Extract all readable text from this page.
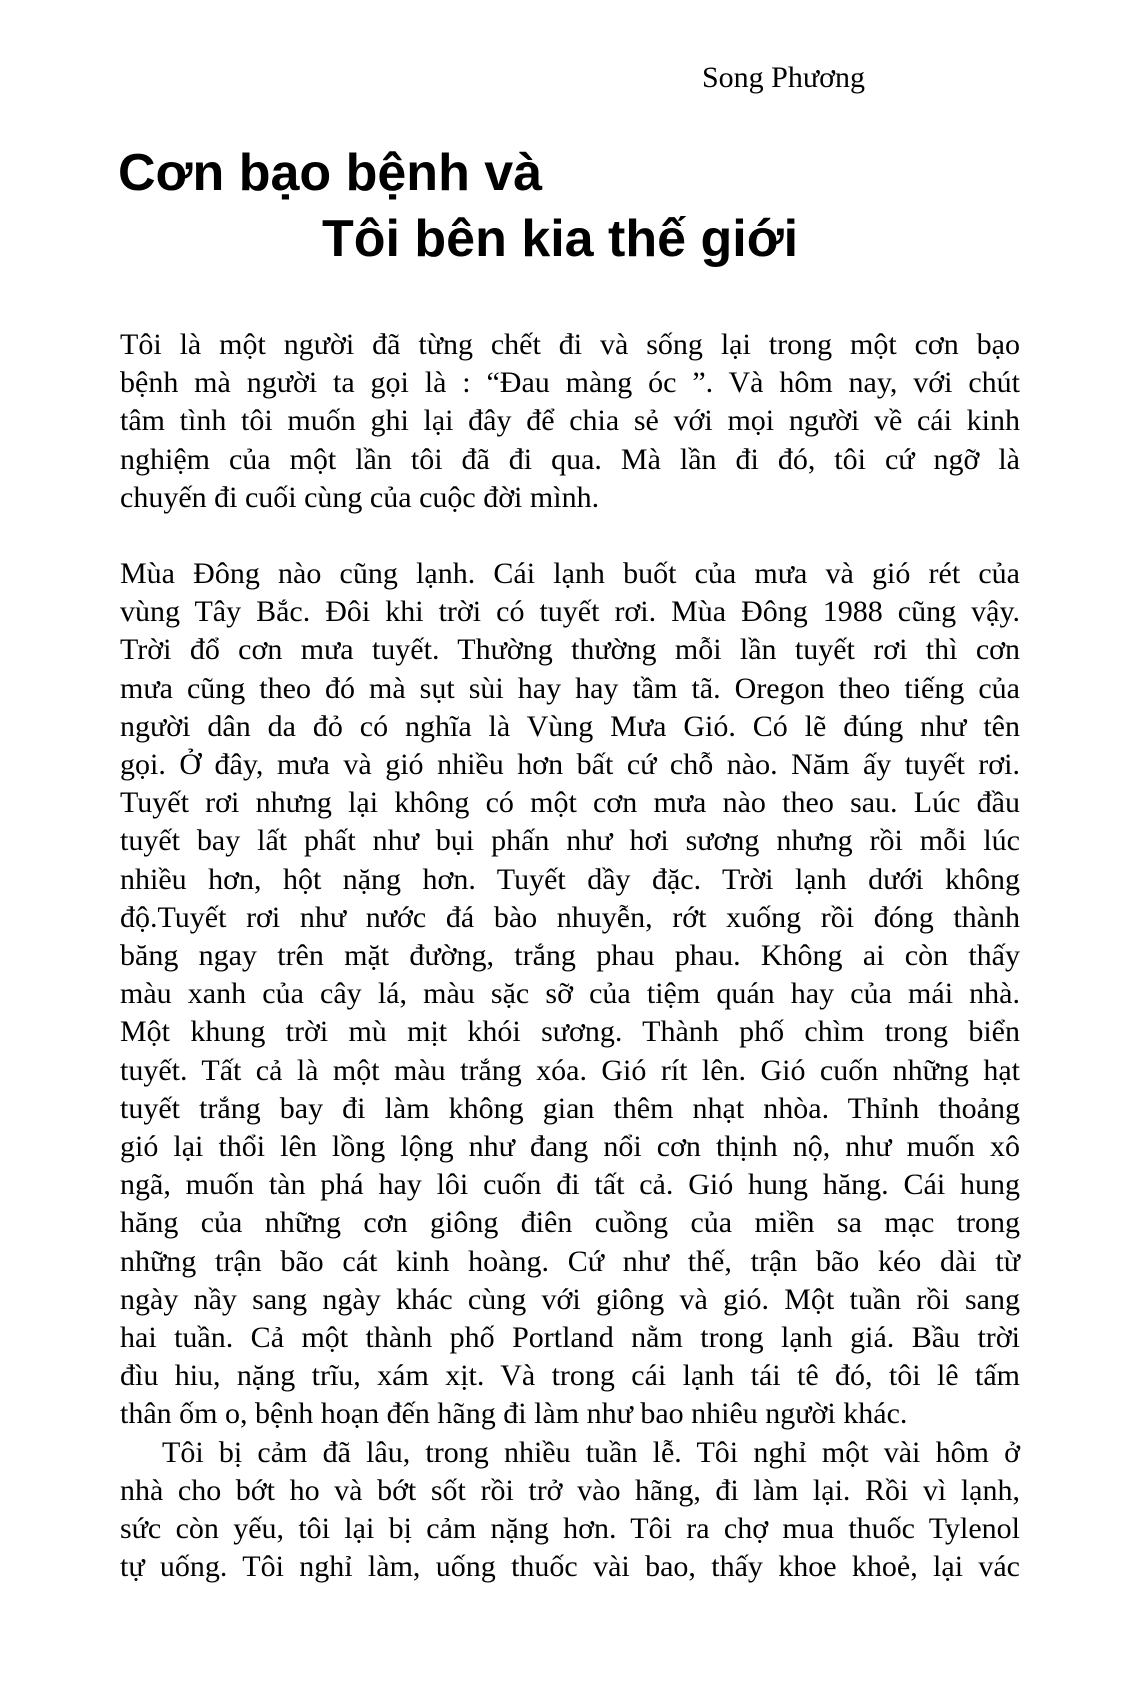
Song Phương
Cơn bạo bệnh và
Tôi bên kia thế giới

Tôi là một người đã từng chết đi và sống lại trong một cơn bạo
bệnh mà người ta gọi là : “Đau màng óc ”. Và hôm nay, với chút
tâm tình tôi muốn ghi lại đây để chia sẻ với mọi người về cái kinh
nghiệm của một lần tôi đã đi qua. Mà lần đi đó, tôi cứ ngỡ là
chuyến đi cuối cùng của cuộc đời mình.

Mùa Đông nào cũng lạnh. Cái lạnh buốt của mưa và gió rét của
vùng Tây Bắc. Đôi khi trời có tuyết rơi. Mùa Đông 1988 cũng vậy.
Trời đổ cơn mưa tuyết. Thường thường mỗi lần tuyết rơi thì cơn
mưa cũng theo đó mà sụt sùi hay hay tầm tã. Oregon theo tiếng của
người dân da đỏ có nghĩa là Vùng Mưa Gió. Có lẽ đúng như tên
gọi. Ở đây, mưa và gió nhiều hơn bất cứ chỗ nào. Năm ấy tuyết rơi.
Tuyết rơi nhưng lại không có một cơn mưa nào theo sau. Lúc đầu
tuyết bay lất phất như bụi phấn như hơi sương nhưng rồi mỗi lúc
nhiều hơn, hột nặng hơn. Tuyết dầy đặc. Trời lạnh dưới không
độ.Tuyết rơi như nước đá bào nhuyễn, rớt xuống rồi đóng thành
băng ngay trên mặt đường, trắng phau phau. Không ai còn thấy
màu xanh của cây lá, màu sặc sỡ của tiệm quán hay của mái nhà.
Một khung trời mù mịt khói sương. Thành phố chìm trong biển
tuyết. Tất cả là một màu trắng xóa. Gió rít lên. Gió cuốn những hạt
tuyết trắng bay đi làm không gian thêm nhạt nhòa. Thỉnh thoảng
gió lại thổi lên lồng lộng như đang nổi cơn thịnh nộ, như muốn xô
ngã, muốn tàn phá hay lôi cuốn đi tất cả. Gió hung hăng. Cái hung
hăng của những cơn giông điên cuồng của miền sa mạc trong
những trận bão cát kinh hoàng. Cứ như thế, trận bão kéo dài từ
ngày nầy sang ngày khác cùng với giông và gió. Một tuần rồi sang
hai tuần. Cả một thành phố Portland nằm trong lạnh giá. Bầu trời
đìu hiu, nặng trĩu, xám xịt. Và trong cái lạnh tái tê đó, tôi lê tấm
thân ốm o, bệnh hoạn đến hãng đi làm như bao nhiêu người khác.

Tôi bị cảm đã lâu, trong nhiều tuần lễ. Tôi nghỉ một vài hôm ở
nhà cho bớt ho và bớt sốt rồi trở vào hãng, đi làm lại. Rồi vì lạnh,
sức còn yếu, tôi lại bị cảm nặng hơn. Tôi ra chợ mua thuốc Tylenol
tự uống. Tôi nghỉ làm, uống thuốc vài bao, thấy khoe khoẻ, lại vác
